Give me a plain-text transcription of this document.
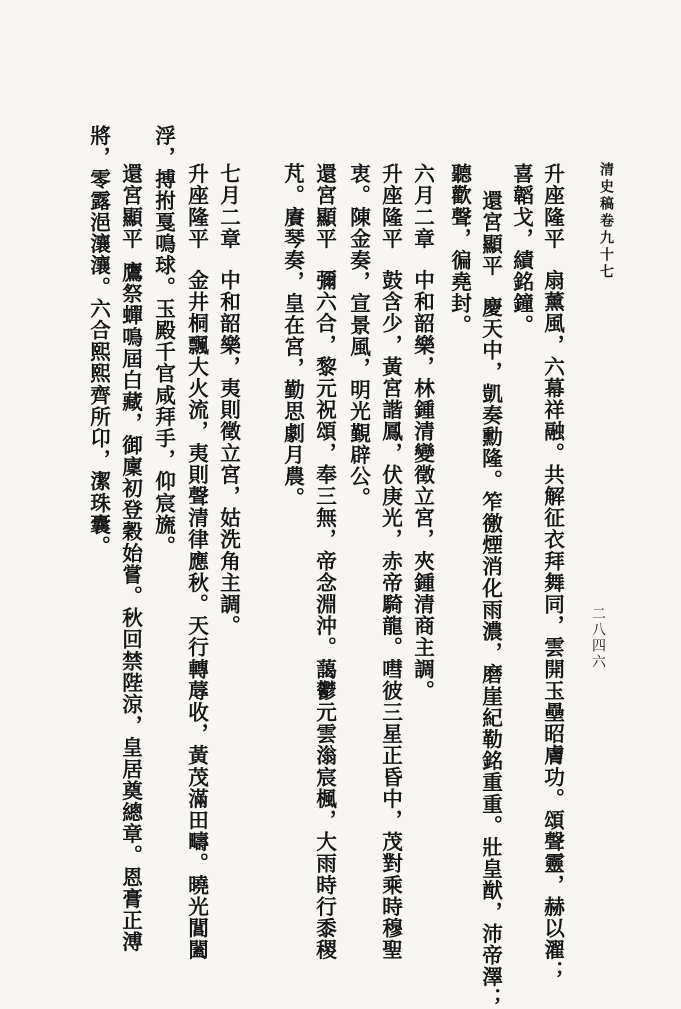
清史稿卷九十七
二八四六
升座隆平扇薰風，六幕祥融。共解征衣拜舞同，雲開玉壘昭膚功。頌聲靈，赫以濯；
喜韜戈，績銘鐘。
還宮顯平慶天中，凱奏勳隆。笮徼煙消化雨濃，磨崖紀勒銘重重。壯皇猷，沛帝澤；
聽歡聲，徧堯封。
六月二章中和韶樂，林鍾清變徵立宮，夾鍾清商主調。
升座隆平鼓含少，黃宮諧鳳，伏庚光，赤帝騎龍。嘒彼三星正昏中，茂對乘時穆聖
衷。陳金奏，宣景風，明光覲辟公。
還宮顯平彌六合，黎元祝頌，奉三無，帝念淵沖。藹鬱元雲滃宸楓，大雨時行黍稷
芃。賡琴奏，皇在宮，勤思劇月農。
七月二章中和韶樂，夷則徵立宮，姑洗角主調。
升座隆平金井桐飄大火流，夷則聲清律應秋。天行轉蓐收，黃茂滿田疇。曉光閶闔
浮，搏拊戛鳴球。玉殿千官咸拜手，仰宸旒。
還宮顯平鷹祭蟬鳴屆白藏，御廩初登穀始嘗。秋回禁陛涼，皇居奠總章。恩膏正溥
將，零露浥瀼瀼。六合熙熙齊所卬，潔珠囊。
